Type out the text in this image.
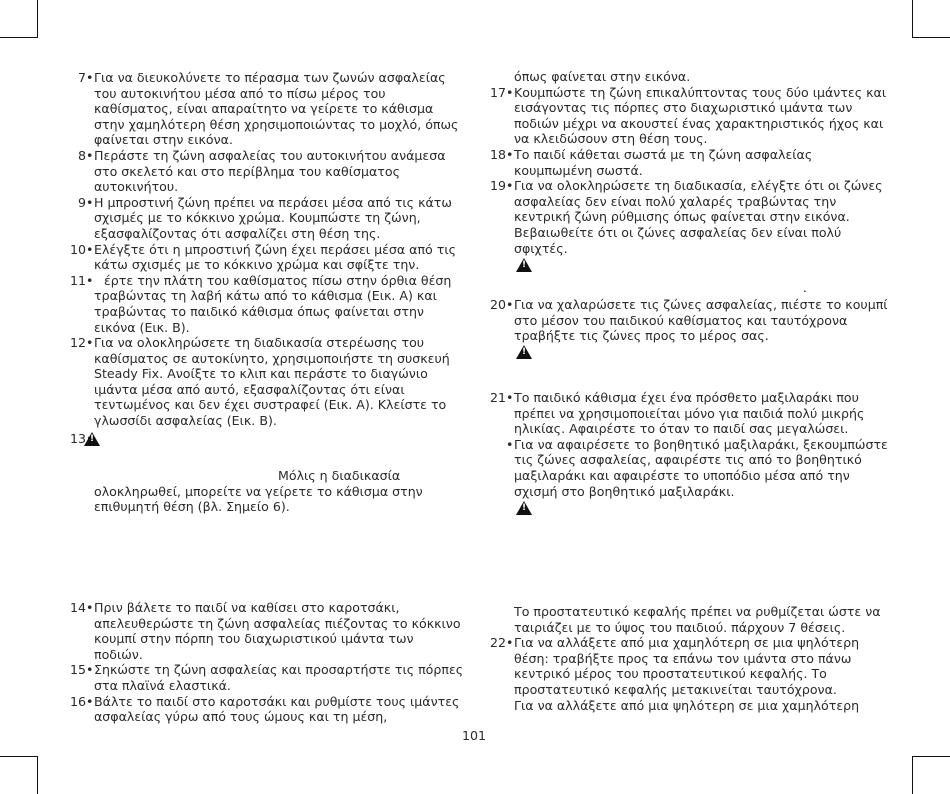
7 • Για να διευκολύνετε το πέρασμα των ζωνών ασφαλείας του αυτοκινήτου μέσα από το πίσω μέρος του καθίσματος, είναι απαραίτητο να γείρετε το κάθισμα στην χαμηλότερη θέση χρησιμοποιώντας το μοχλό, όπως φαίνεται στην εικόνα.

8 • Περάστε τη ζώνη ασφαλείας του αυτοκινήτου ανάμεσα στο σκελετό και στο περίβλημα του καθίσματος αυτοκινήτου.

9 • Η μπροστινή ζώνη πρέπει να περάσει μέσα από τις κάτω σχισμές με το κόκκινο χρώμα. Κουμπώστε τη ζώνη, εξασφαλίζοντας ότι ασφαλίζει στη θέση της.

10 • Ελέγξτε ότι η μπροστινή ζώνη έχει περάσει μέσα από τις κάτω σχισμές με το κόκκινο χρώμα και σφίξτε την.

11 • έρτε την πλάτη του καθίσματος πίσω στην όρθια θέση τραβώντας τη λαβή κάτω από το κάθισμα (Εικ. A) και τραβώντας το παιδικό κάθισμα όπως φαίνεται στην εικόνα (Εικ. B).

12 • Για να ολοκληρώσετε τη διαδικασία στερέωσης του καθίσματος σε αυτοκίνητο, χρησιμοποιήστε τη συσκευή Steady Fix. Ανοίξτε το κλιπ και περάστε το διαγώνιο ιμάντα μέσα από αυτό, εξασφαλίζοντας ότι είναι τεντωμένος και δεν έχει συστραφεί (Εικ. A). Κλείστε το γλωσσίδι ασφαλείας (Εικ. B).

13 •
!

Μόλις η διαδικασία
ολοκληρωθεί, μπορείτε να γείρετε το κάθισμα στην επιθυμητή θέση (βλ. Σημείο 6).

14 • Πριν βάλετε το παιδί να καθίσει στο καροτσάκι, απελευθερώστε τη ζώνη ασφαλείας πιέζοντας το κόκκινο κουμπί στην πόρπη του διαχωριστικού ιμάντα των ποδιών.

15 • Σηκώστε τη ζώνη ασφαλείας και προσαρτήστε τις πόρπες στα πλαϊνά ελαστικά.

16 • Βάλτε το παιδί στο καροτσάκι και ρυθμίστε τους ιμάντες ασφαλείας γύρω από τους ώμους και τη μέση,

όπως φαίνεται στην εικόνα.

17 • Κουμπώστε τη ζώνη επικαλύπτοντας τους δύο ιμάντες και εισάγοντας τις πόρπες στο διαχωριστικό ιμάντα των ποδιών μέχρι να ακουστεί ένας χαρακτηριστικός ήχος και να κλειδώσουν στη θέση τους.

18 • Το παιδί κάθεται σωστά με τη ζώνη ασφαλείας κουμπωμένη σωστά.

19 • Για να ολοκληρώσετε τη διαδικασία, ελέγξτε ότι οι ζώνες ασφαλείας δεν είναι πολύ χαλαρές τραβώντας την κεντρική ζώνη ρύθμισης όπως φαίνεται στην εικόνα. Βεβαιωθείτε ότι οι ζώνες ασφαλείας δεν είναι πολύ σφιχτές.

!
.

20 • Για να χαλαρώσετε τις ζώνες ασφαλείας, πιέστε το κουμπί στο μέσον του παιδικού καθίσματος και ταυτόχρονα τραβήξτε τις ζώνες προς το μέρος σας.

!

21 • Το παιδικό κάθισμα έχει ένα πρόσθετο μαξιλαράκι που πρέπει να χρησιμοποιείται μόνο για παιδιά πολύ μικρής ηλικίας. Αφαιρέστε το όταν το παιδί σας μεγαλώσει.

• Για να αφαιρέσετε το βοηθητικό μαξιλαράκι, ξεκουμπώστε τις ζώνες ασφαλείας, αφαιρέστε τις από το βοηθητικό μαξιλαράκι και αφαιρέστε το υποπόδιο μέσα από την σχισμή στο βοηθητικό μαξιλαράκι.

!

Το προστατευτικό κεφαλής πρέπει να ρυθμίζεται ώστε να ταιριάζει με το ύψος του παιδιού. πάρχουν 7 θέσεις.

22 • Για να αλλάξετε από μια χαμηλότερη σε μια ψηλότερη θέση: τραβήξτε προς τα επάνω τον ιμάντα στο πάνω κεντρικό μέρος του προστατευτικού κεφαλής. Το προστατευτικό κεφαλής μετακινείται ταυτόχρονα.

Για να αλλάξετε από μια ψηλότερη σε μια χαμηλότερη

101
